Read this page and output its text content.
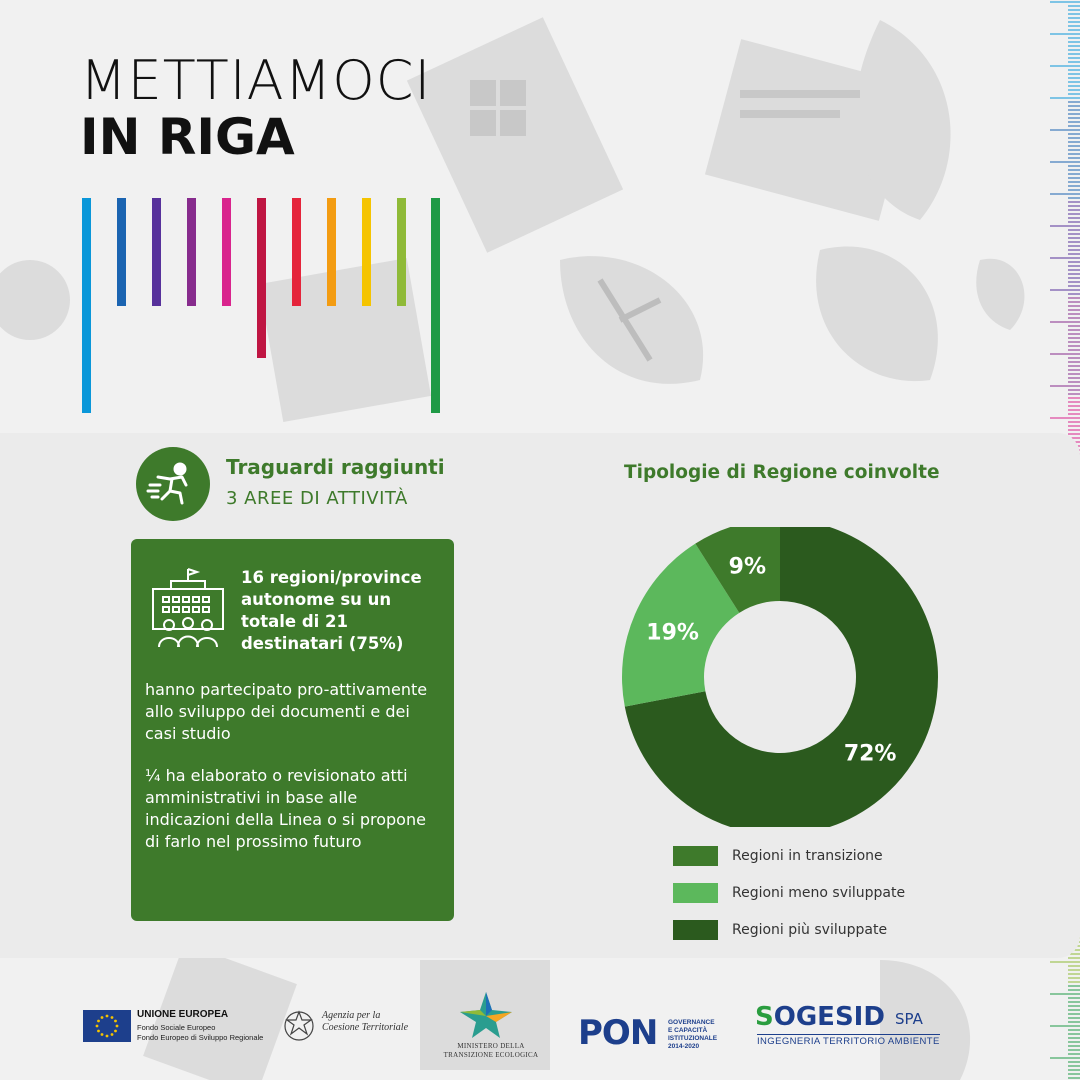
METTIAMOCI
IN RIGA
Traguardi raggiunti
3 AREE DI ATTIVITÀ
16 regioni/province autonome su un totale di 21 destinatari (75%)
hanno partecipato pro-attivamente allo sviluppo dei documenti e dei casi studio
¼ ha elaborato o revisionato atti amministrativi in base alle indicazioni della Linea o si propone di farlo nel prossimo futuro
Tipologie di Regione coinvolte
72%
19%
9%
Regioni in transizione
Regioni meno sviluppate
Regioni più sviluppate
UNIONE EUROPEA
Fondo Sociale Europeo
Fondo Europeo di Sviluppo Regionale
Agenzia per la Coesione Territoriale
MINISTERO DELLA TRANSIZIONE ECOLOGICA
PON GOVERNANCE
E CAPACITÀ
ISTITUZIONALE
2014-2020
SOGESID SPA
INGEGNERIA TERRITORIO AMBIENTE
